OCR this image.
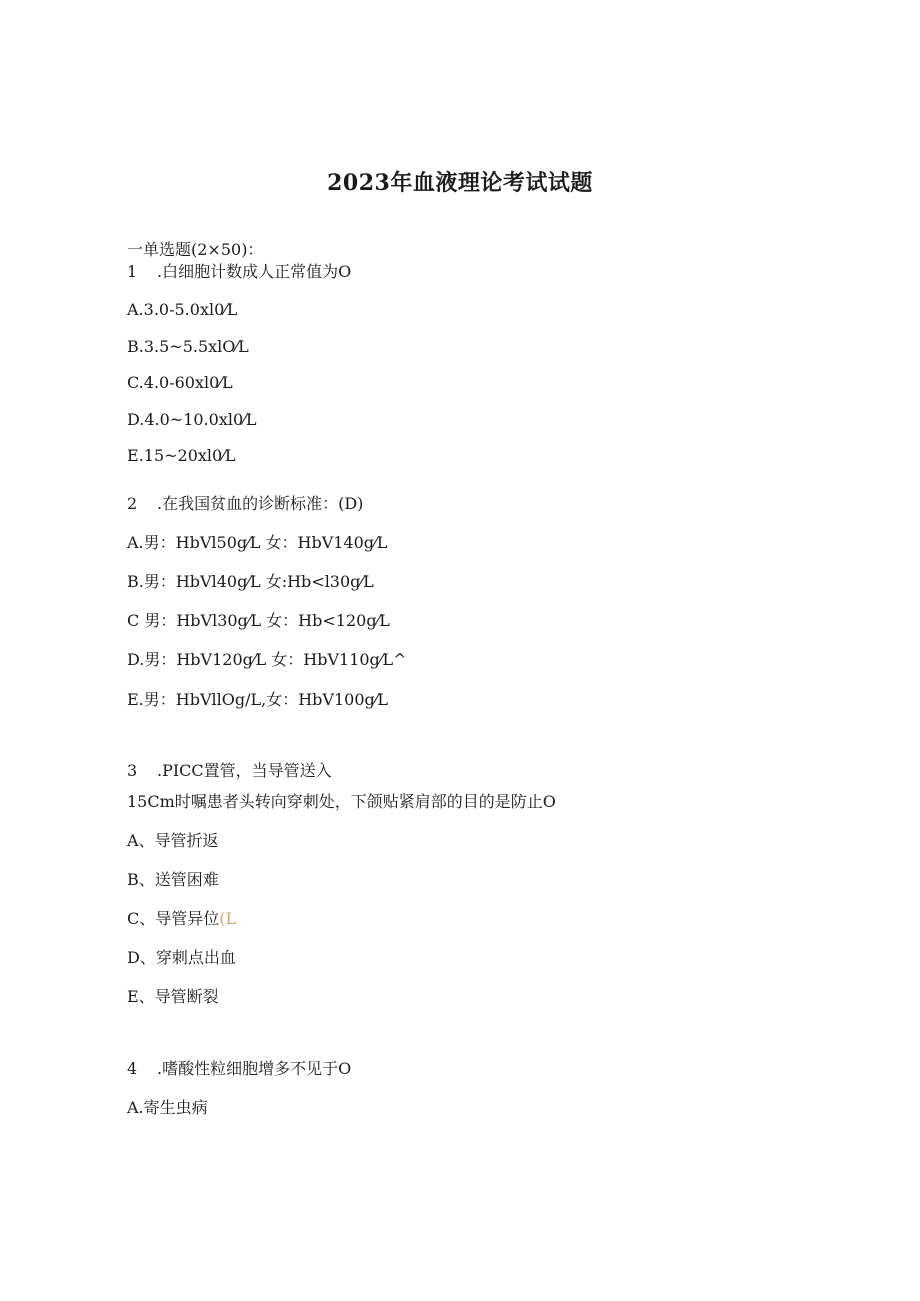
2023年血液理论考试试题
一单选题(2×50)：
1 .白细胞计数成人正常值为O
A.3.0-5.0xl0⁄L
B.3.5~5.5xlO⁄L
C.4.0-60xl0⁄L
D.4.0~10.0xl0⁄L
E.15~20xl0⁄L
2 .在我国贫血的诊断标准：(D)
A.男：HbVl50g⁄L 女：HbV140g⁄L
B.男：HbVl40g⁄L 女:Hb<l30g⁄L
C 男：HbVl30g⁄L 女：Hb<120g⁄L
D.男：HbV120g⁄L 女：HbV110g⁄L^
E.男：HbVllOg/L,女：HbV100g⁄L
3 .PICC置管，当导管送入
15Cm时嘱患者头转向穿刺处，下颌贴紧肩部的目的是防止O
A、导管折返
B、送管困难
C、导管异位(L
D、穿刺点出血
E、导管断裂
4 .嗜酸性粒细胞增多不见于O
A.寄生虫病
